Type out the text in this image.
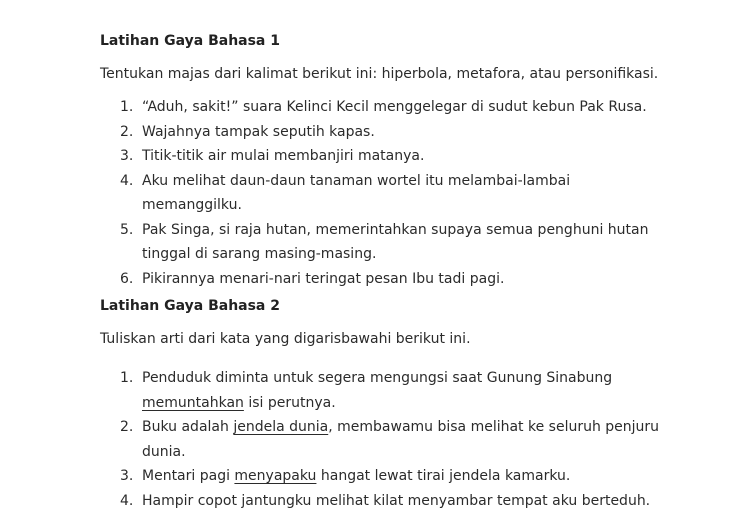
Latihan Gaya Bahasa 1
Tentukan majas dari kalimat berikut ini: hiperbola, metafora, atau personifikasi.
1. “Aduh, sakit!” suara Kelinci Kecil menggelegar di sudut kebun Pak Rusa.
2. Wajahnya tampak seputih kapas.
3. Titik-titik air mulai membanjiri matanya.
4. Aku melihat daun-daun tanaman wortel itu melambai-lambai memanggilku.
5. Pak Singa, si raja hutan, memerintahkan supaya semua penghuni hutan
tinggal di sarang masing-masing.
6. Pikirannya menari-nari teringat pesan Ibu tadi pagi.
Latihan Gaya Bahasa 2
Tuliskan arti dari kata yang digarisbawahi berikut ini.
1. Penduduk diminta untuk segera mengungsi saat Gunung Sinabung
memuntahkan isi perutnya.
2. Buku adalah jendela dunia, membawamu bisa melihat ke seluruh penjuru
dunia.
3. Mentari pagi menyapaku hangat lewat tirai jendela kamarku.
4. Hampir copot jantungku melihat kilat menyambar tempat aku berteduh.
